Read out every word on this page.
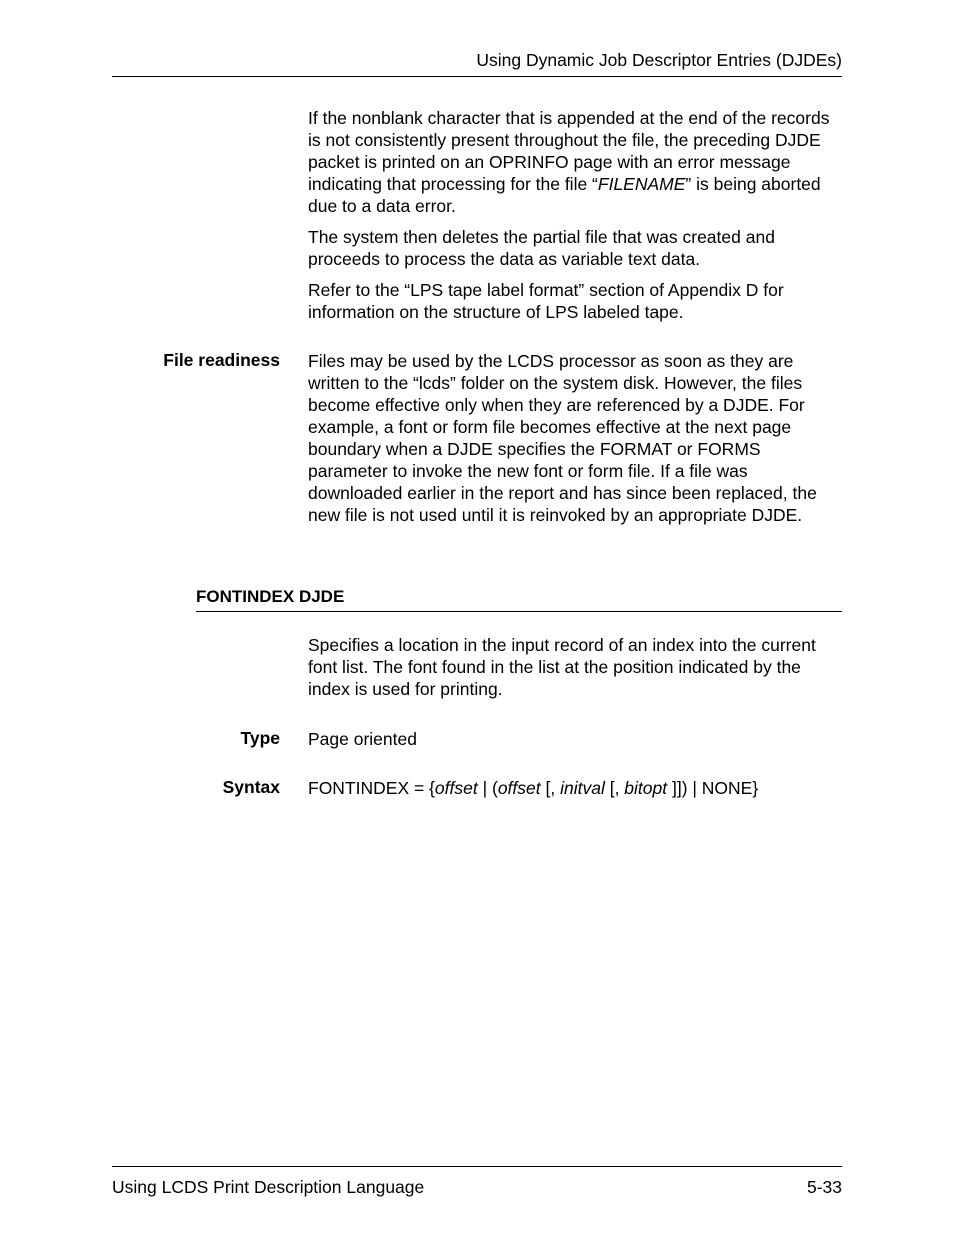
Using Dynamic Job Descriptor Entries (DJDEs)

If the nonblank character that is appended at the end of the records is not consistently present throughout the file, the preceding DJDE packet is printed on an OPRINFO page with an error message indicating that processing for the file “FILENAME” is being aborted due to a data error.

The system then deletes the partial file that was created and proceeds to process the data as variable text data.

Refer to the “LPS tape label format” section of Appendix D for information on the structure of LPS labeled tape.

File readiness Files may be used by the LCDS processor as soon as they are written to the “lcds” folder on the system disk. However, the files become effective only when they are referenced by a DJDE. For example, a font or form file becomes effective at the next page boundary when a DJDE specifies the FORMAT or FORMS parameter to invoke the new font or form file. If a file was downloaded earlier in the report and has since been replaced, the new file is not used until it is reinvoked by an appropriate DJDE.
FONTINDEX DJDE
Specifies a location in the input record of an index into the current font list. The font found in the list at the position indicated by the index is used for printing.
Type Page oriented
Syntax FONTINDEX = {offset | (offset [, initval [, bitopt ]]) | NONE}
Using LCDS Print Description Language	5-33
